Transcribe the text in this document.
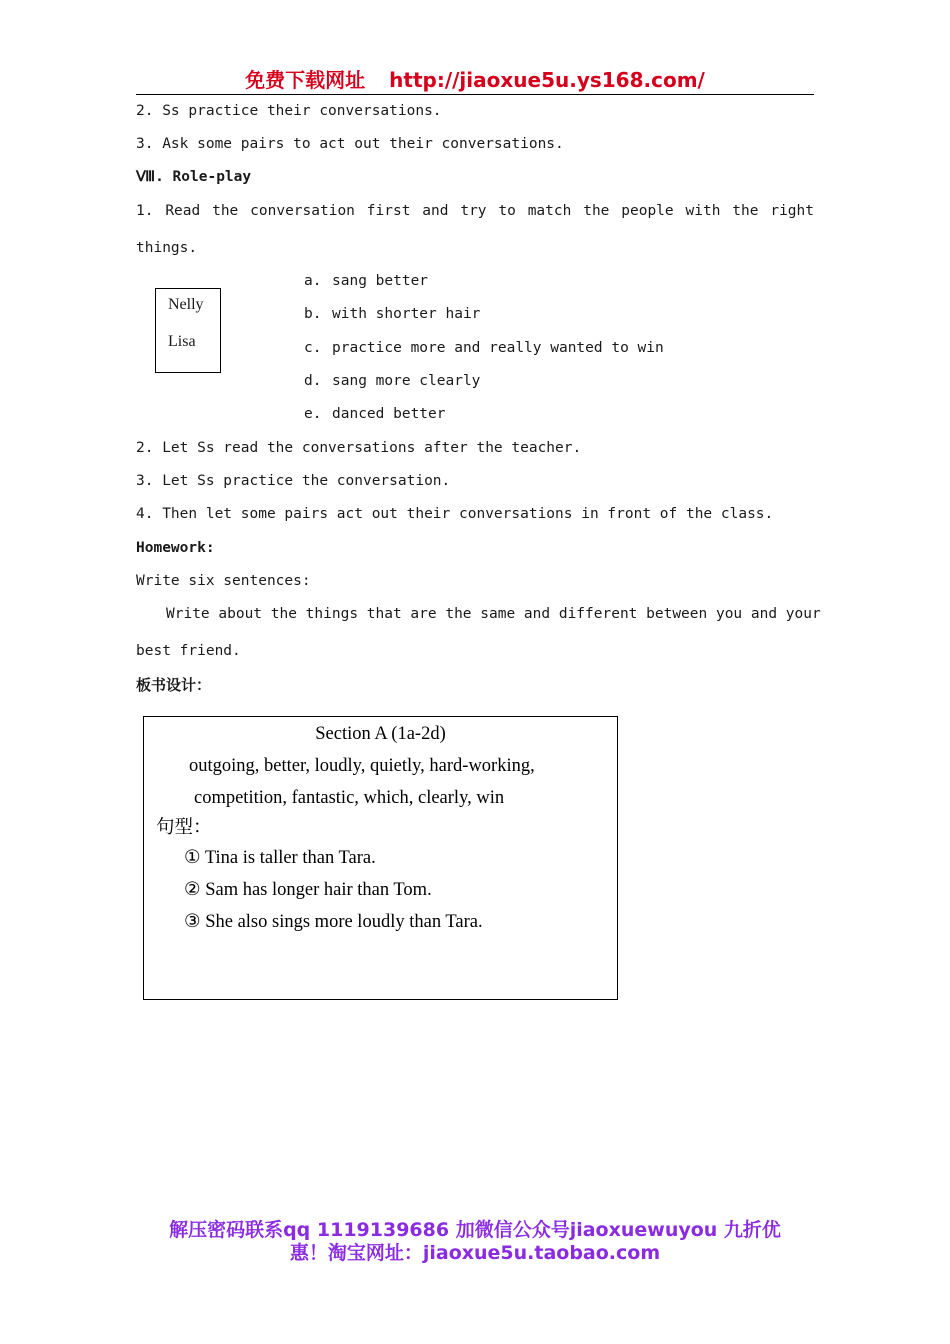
免费下载网址 http://jiaoxue5u.ys168.com/
2. Ss practice their conversations.
3. Ask some pairs to act out their conversations.
Ⅷ. Role-play
1. Read the conversation first and try to match the people with the right
things.
Nelly
Lisa
a. sang better
b. with shorter hair
c. practice more and really wanted to win
d. sang more clearly
e. danced better
2. Let Ss read the conversations after the teacher.
3. Let Ss practice the conversation.
4. Then let some pairs act out their conversations in front of the class.
Homework:
Write six sentences:
Write about the things that are the same and different between you and your
best friend.
板书设计：
Section A (1a-2d)
outgoing, better, loudly, quietly, hard-working,
competition, fantastic, which, clearly, win
句型：
① Tina is taller than Tara.
② Sam has longer hair than Tom.
③ She also sings more loudly than Tara.
解压密码联系qq 1119139686 加微信公众号jiaoxuewuyou 九折优
惠！淘宝网址：jiaoxue5u.taobao.com
